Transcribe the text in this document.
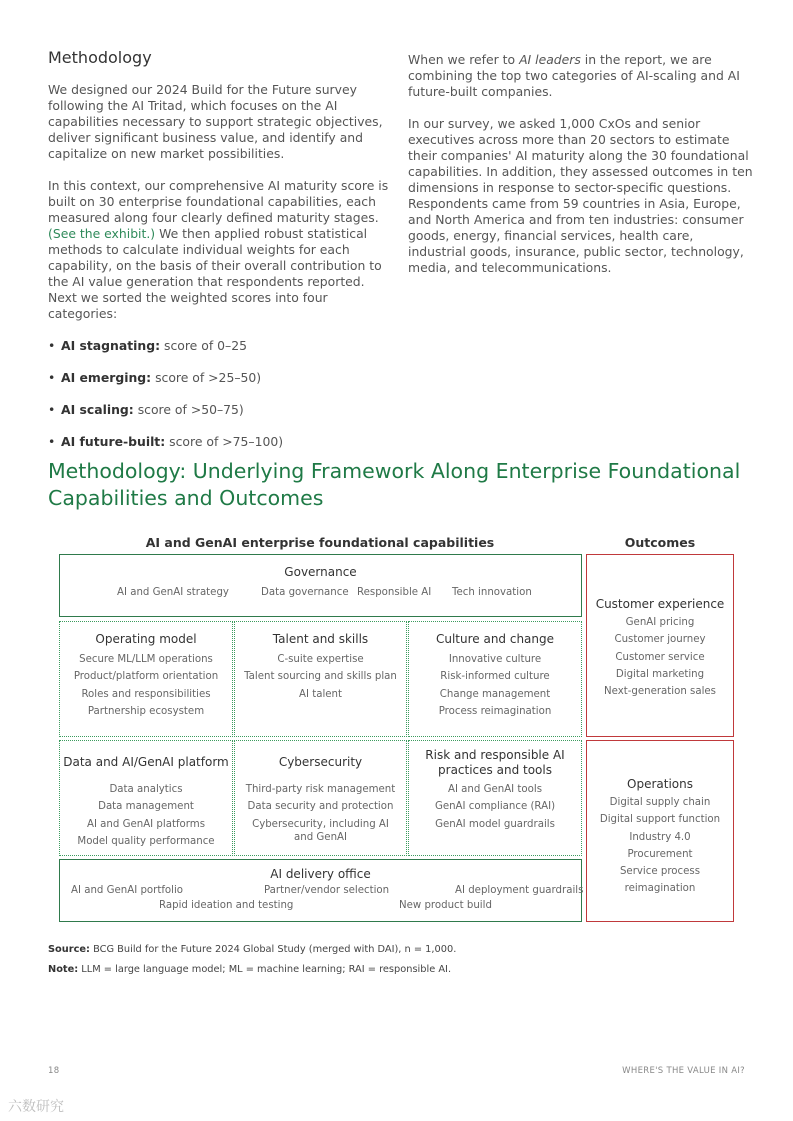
Methodology

We designed our 2024 Build for the Future survey following the AI Tritad, which focuses on the AI capabilities necessary to support strategic objectives, deliver significant business value, and identify and capitalize on new market possibilities.

In this context, our comprehensive AI maturity score is built on 30 enterprise foundational capabilities, each measured along four clearly defined maturity stages. (See the exhibit.) We then applied robust statistical methods to calculate individual weights for each capability, on the basis of their overall contribution to the AI value generation that respondents reported. Next we sorted the weighted scores into four categories:

• AI stagnating: score of 0–25
• AI emerging: score of >25–50)
• AI scaling: score of >50–75)
• AI future-built: score of >75–100)

When we refer to AI leaders in the report, we are combining the top two categories of AI-scaling and AI future-built companies.

In our survey, we asked 1,000 CxOs and senior executives across more than 20 sectors to estimate their companies' AI maturity along the 30 foundational capabilities. In addition, they assessed outcomes in ten dimensions in response to sector-specific questions. Respondents came from 59 countries in Asia, Europe, and North America and from ten industries: consumer goods, energy, financial services, health care, industrial goods, insurance, public sector, technology, media, and telecommunications.

Methodology: Underlying Framework Along Enterprise Foundational Capabilities and Outcomes
AI and GenAI enterprise foundational capabilities	Outcomes
Governance
AI and GenAI strategy	Data governance Responsible AI Tech innovation
Operating model
Secure ML/LLM operations
Product/platform orientation
Roles and responsibilities
Partnership ecosystem
Talent and skills
C-suite expertise
Talent sourcing and skills plan
AI talent
Culture and change
Innovative culture
Risk-informed culture
Change management
Process reimagination
Data and AI/GenAI platform
Data analytics
Data management
AI and GenAI platforms
Model quality performance
Cybersecurity
Third-party risk management
Data security and protection
Cybersecurity, including AI
and GenAI
Risk and responsible AI
practices and tools
AI and GenAI tools
GenAI compliance (RAI)
GenAI model guardrails
AI delivery office
AI and GenAI portfolio	Partner/vendor selection	AI deployment guardrails
Rapid ideation and testing	New product build
Customer experience
GenAI pricing
Customer journey
Customer service
Digital marketing
Next-generation sales
Operations
Digital supply chain
Digital support function
Industry 4.0
Procurement
Service process reimagination
Source: BCG Build for the Future 2024 Global Study (merged with DAI), n = 1,000.
Note: LLM = large language model; ML = machine learning; RAI = responsible AI.
18	WHERE'S THE VALUE IN AI?
六数研究
